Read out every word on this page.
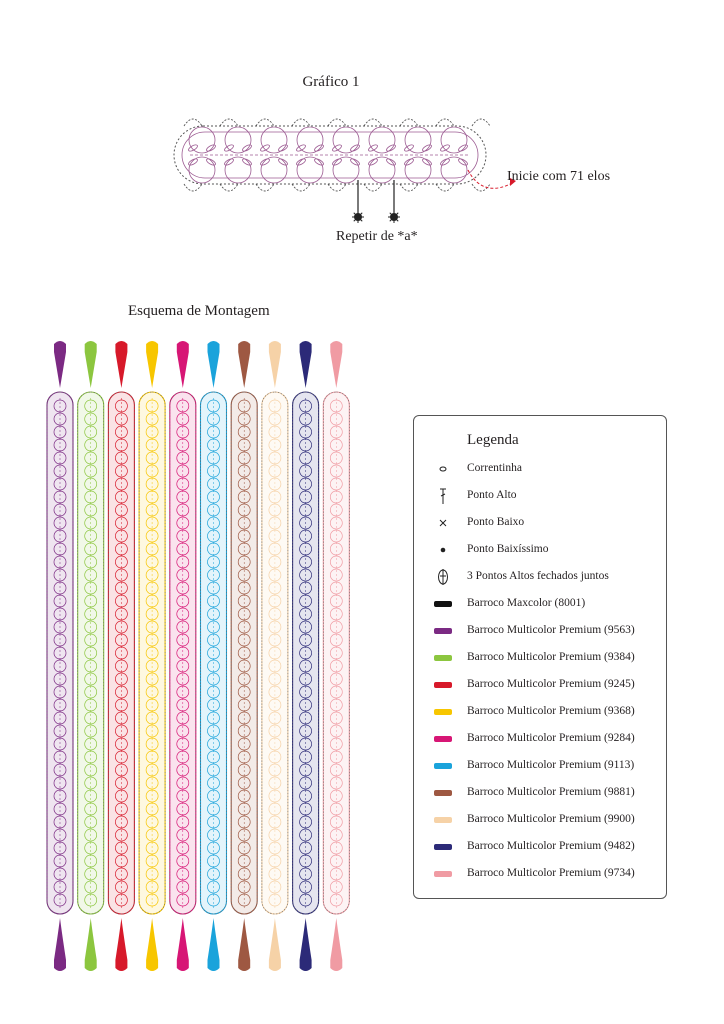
Gráfico 1
Inicie com 71 elos
Repetir de *a*
Esquema de Montagem
Legenda
Correntinha
Ponto Alto
Ponto Baixo
Ponto Baixíssimo
3 Pontos Altos fechados juntos
Barroco Maxcolor (8001)
Barroco Multicolor Premium (9563)
Barroco Multicolor Premium (9384)
Barroco Multicolor Premium (9245)
Barroco Multicolor Premium (9368)
Barroco Multicolor Premium (9284)
Barroco Multicolor Premium (9113)
Barroco Multicolor Premium (9881)
Barroco Multicolor Premium (9900)
Barroco Multicolor Premium (9482)
Barroco Multicolor Premium (9734)
